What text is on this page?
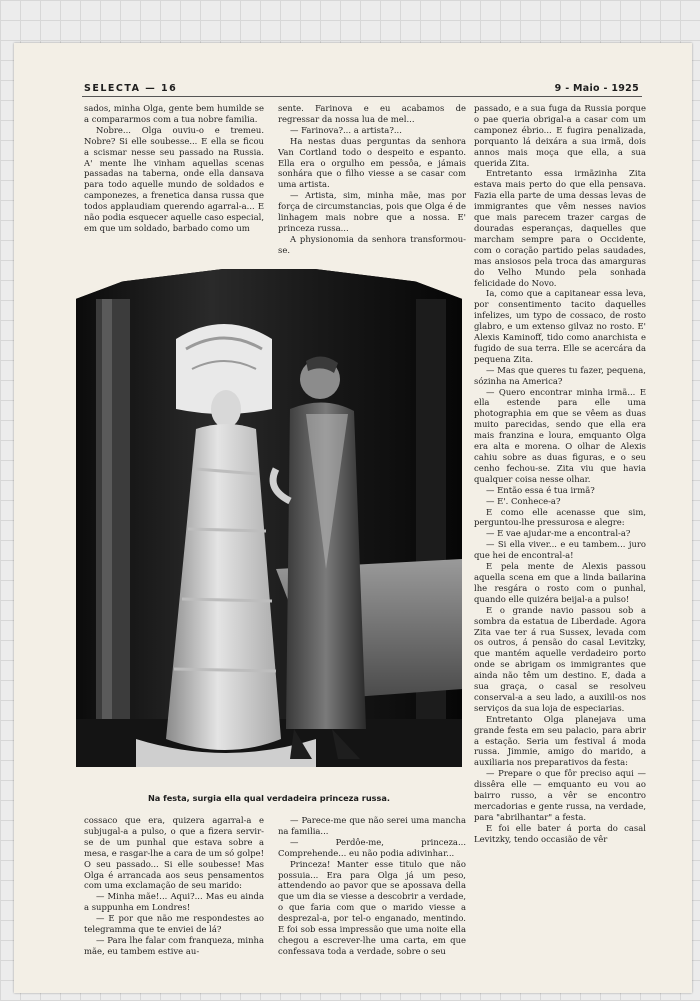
SELECTA — 16	9 - Maio - 1925

sados, minha Olga, gente bem humilde se a compararmos com a tua nobre familia.

Nobre... Olga ouviu-o e tremeu. Nobre? Si elle soubesse... E ella se ficou a scismar nesse seu passado na Russia. A' mente lhe vinham aquellas scenas passadas na taberna, onde ella dansava para todo aquelle mundo de soldados e camponezes, a frenetica dansa russa que todos applaudiam querendo agarral-a... E não podia esquecer aquelle caso especial, em que um soldado, barbado como um

sente. Farinova e eu acabamos de regressar da nossa lua de mel...

— Farinova?... a artista?...

Ha nestas duas perguntas da senhora Van Cortland todo o despeito e espanto. Ella era o orgulho em pessôa, e jámais sonhára que o filho viesse a se casar com uma artista.

— Artista, sim, minha mãe, mas por força de circumstancias, pois que Olga é de linhagem mais nobre que a nossa. E' princeza russa...

A physionomia da senhora transformou-se.

passado, e a sua fuga da Russia porque o pae queria obrigal-a a casar com um camponez ébrio... E fugira penalizada, porquanto lá deixára a sua irmã, dois annos mais moça que ella, a sua querida Zita.

Entretanto essa irmãzinha Zita estava mais perto do que ella pensava. Fazia ella parte de uma dessas levas de immigrantes que vêm nesses navios que mais parecem trazer cargas de douradas esperanças, daquelles que marcham sempre para o Occidente, com o coração partido pelas saudades, mas ansiosos pela troca das amarguras do Velho Mundo pela sonhada felicidade do Novo.

Ia, como que a capitanear essa leva, por consentimento tacito daquelles infelizes, um typo de cossaco, de rosto glabro, e um extenso gilvaz no rosto. E' Alexis Kaminoff, tido como anarchista e fugido de sua terra. Elle se acercára da pequena Zita.

— Mas que queres tu fazer, pequena, sózinha na America?

— Quero encontrar minha irmã... E ella estende para elle uma photographia em que se vêem as duas muito parecidas, sendo que ella era mais franzina e loura, emquanto Olga era alta e morena. O olhar de Alexis cahiu sobre as duas figuras, e o seu cenho fechou-se. Zita viu que havia qualquer coisa nesse olhar.

— Então essa é tua irmã?

— E'. Conhece-a?

E como elle acenasse que sim, perguntou-lhe pressurosa e alegre:

— E vae ajudar-me a encontral-a?

— Si ella viver... e eu tambem... juro que hei de encontral-a!

E pela mente de Alexis passou aquella scena em que a linda bailarina lhe resgára o rosto com o punhal, quando elle quizéra beijal-a a pulso!

E o grande navio passou sob a sombra da estatua de Liberdade. Agora Zita vae ter á rua Sussex, levada com os outros, á pensão do casal Levitzky, que mantém aquelle verdadeiro porto onde se abrigam os immigrantes que ainda não têm um destino. E, dada a sua graça, o casal se resolveu conserval-a a seu lado, a auxilil-os nos serviços da sua loja de especiarias.

Entretanto Olga planejava uma grande festa em seu palacio, para abrir a estação. Seria um festival á moda russa. Jimmie, amigo do marido, a auxiliaria nos preparativos da festa:

— Prepare o que fôr preciso aqui — dissêra elle — emquanto eu vou ao bairro russo, a vêr se encontro mercadorias e gente russa, na verdade, para "abrilhantar" a festa.

E foi elle bater á porta do casal Levitzky, tendo occasião de vêr

Na festa, surgia ella qual verdadeira princeza russa.

cossaco que era, quizera agarral-a e subjugal-a a pulso, o que a fizera servir-se de um punhal que estava sobre a mesa, e rasgar-lhe a cara de um só golpe! O seu passado... Si elle soubesse! Mas Olga é arrancada aos seus pensamentos com uma exclamação de seu marido:

— Minha mãe!... Aqui?... Mas eu ainda a suppunha em Londres!

— E por que não me respondestes ao telegramma que te enviei de lá?

— Para lhe falar com franqueza, minha mãe, eu tambem estive au-

— Parece-me que não serei uma mancha na familia...

— Perdôe-me, princeza... Comprehende... eu não podia adivinhar...

Princeza! Manter esse titulo que não possuia... Era para Olga já um peso, attendendo ao pavor que se apossava della que um dia se viesse a descobrir a verdade, o que faria com que o marido viesse a desprezal-a, por tel-o enganado, mentindo. E foi sob essa impressão que uma noite ella chegou a escrever-lhe uma carta, em que confessava toda a verdade, sobre o seu
